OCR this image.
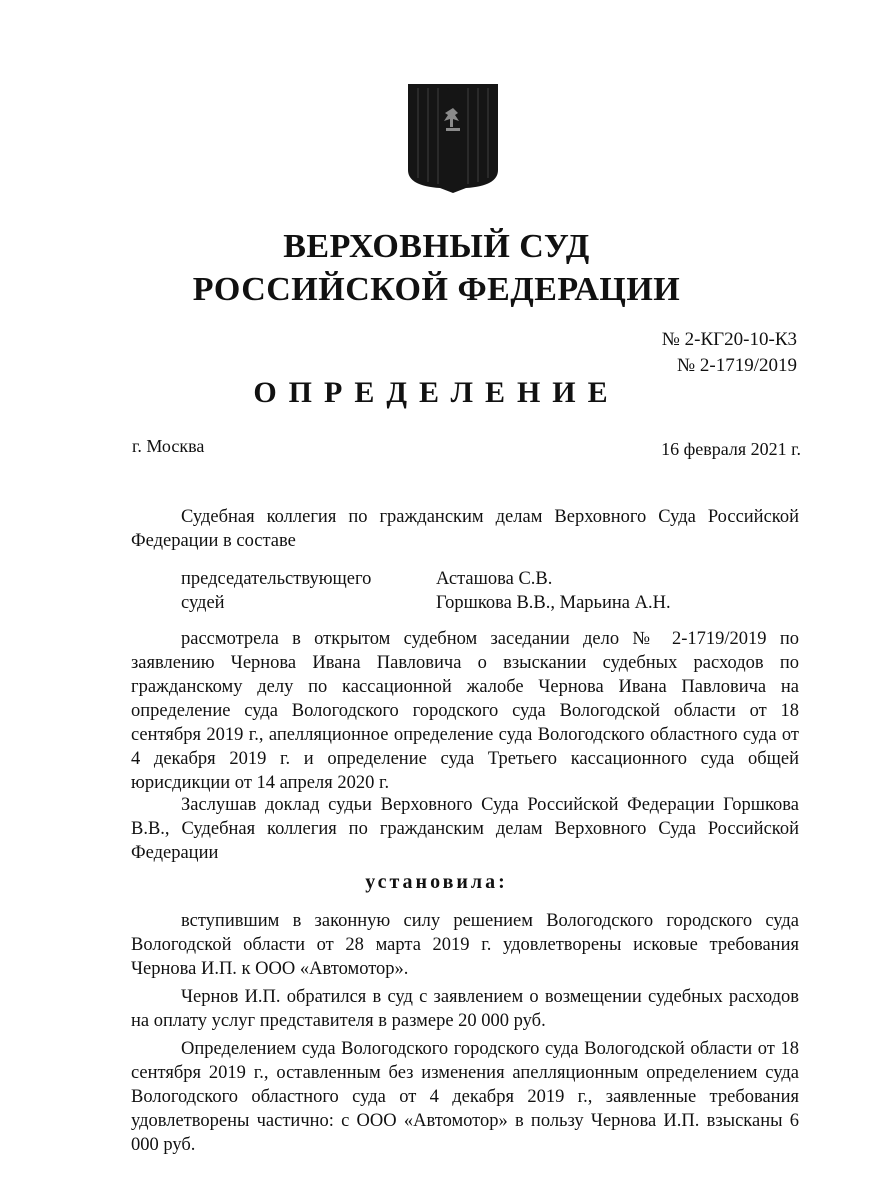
ВЕРХОВНЫЙ СУД
РОССИЙСКОЙ ФЕДЕРАЦИИ
№ 2-КГ20-10-К3
№ 2-1719/2019
ОПРЕДЕЛЕНИЕ
г. Москва	16 февраля 2021 г.

Судебная коллегия по гражданским делам Верховного Суда Российской Федерации в составе

председательствующего
судей
Асташова С.В.
Горшкова В.В., Марьина А.Н.

рассмотрела в открытом судебном заседании дело № 2-1719/2019 по заявлению Чернова Ивана Павловича о взыскании судебных расходов по гражданскому делу по кассационной жалобе Чернова Ивана Павловича на определение суда Вологодского городского суда Вологодской области от 18 сентября 2019 г., апелляционное определение суда Вологодского областного суда от 4 декабря 2019 г. и определение суда Третьего кассационного суда общей юрисдикции от 14 апреля 2020 г.

Заслушав доклад судьи Верховного Суда Российской Федерации Горшкова В.В., Судебная коллегия по гражданским делам Верховного Суда Российской Федерации

установила:

вступившим в законную силу решением Вологодского городского суда Вологодской области от 28 марта 2019 г. удовлетворены исковые требования Чернова И.П. к ООО «Автомотор».

Чернов И.П. обратился в суд с заявлением о возмещении судебных расходов на оплату услуг представителя в размере 20 000 руб.

Определением суда Вологодского городского суда Вологодской области от 18 сентября 2019 г., оставленным без изменения апелляционным определением суда Вологодского областного суда от 4 декабря 2019 г., заявленные требования удовлетворены частично: с ООО «Автомотор» в пользу Чернова И.П. взысканы 6 000 руб.
